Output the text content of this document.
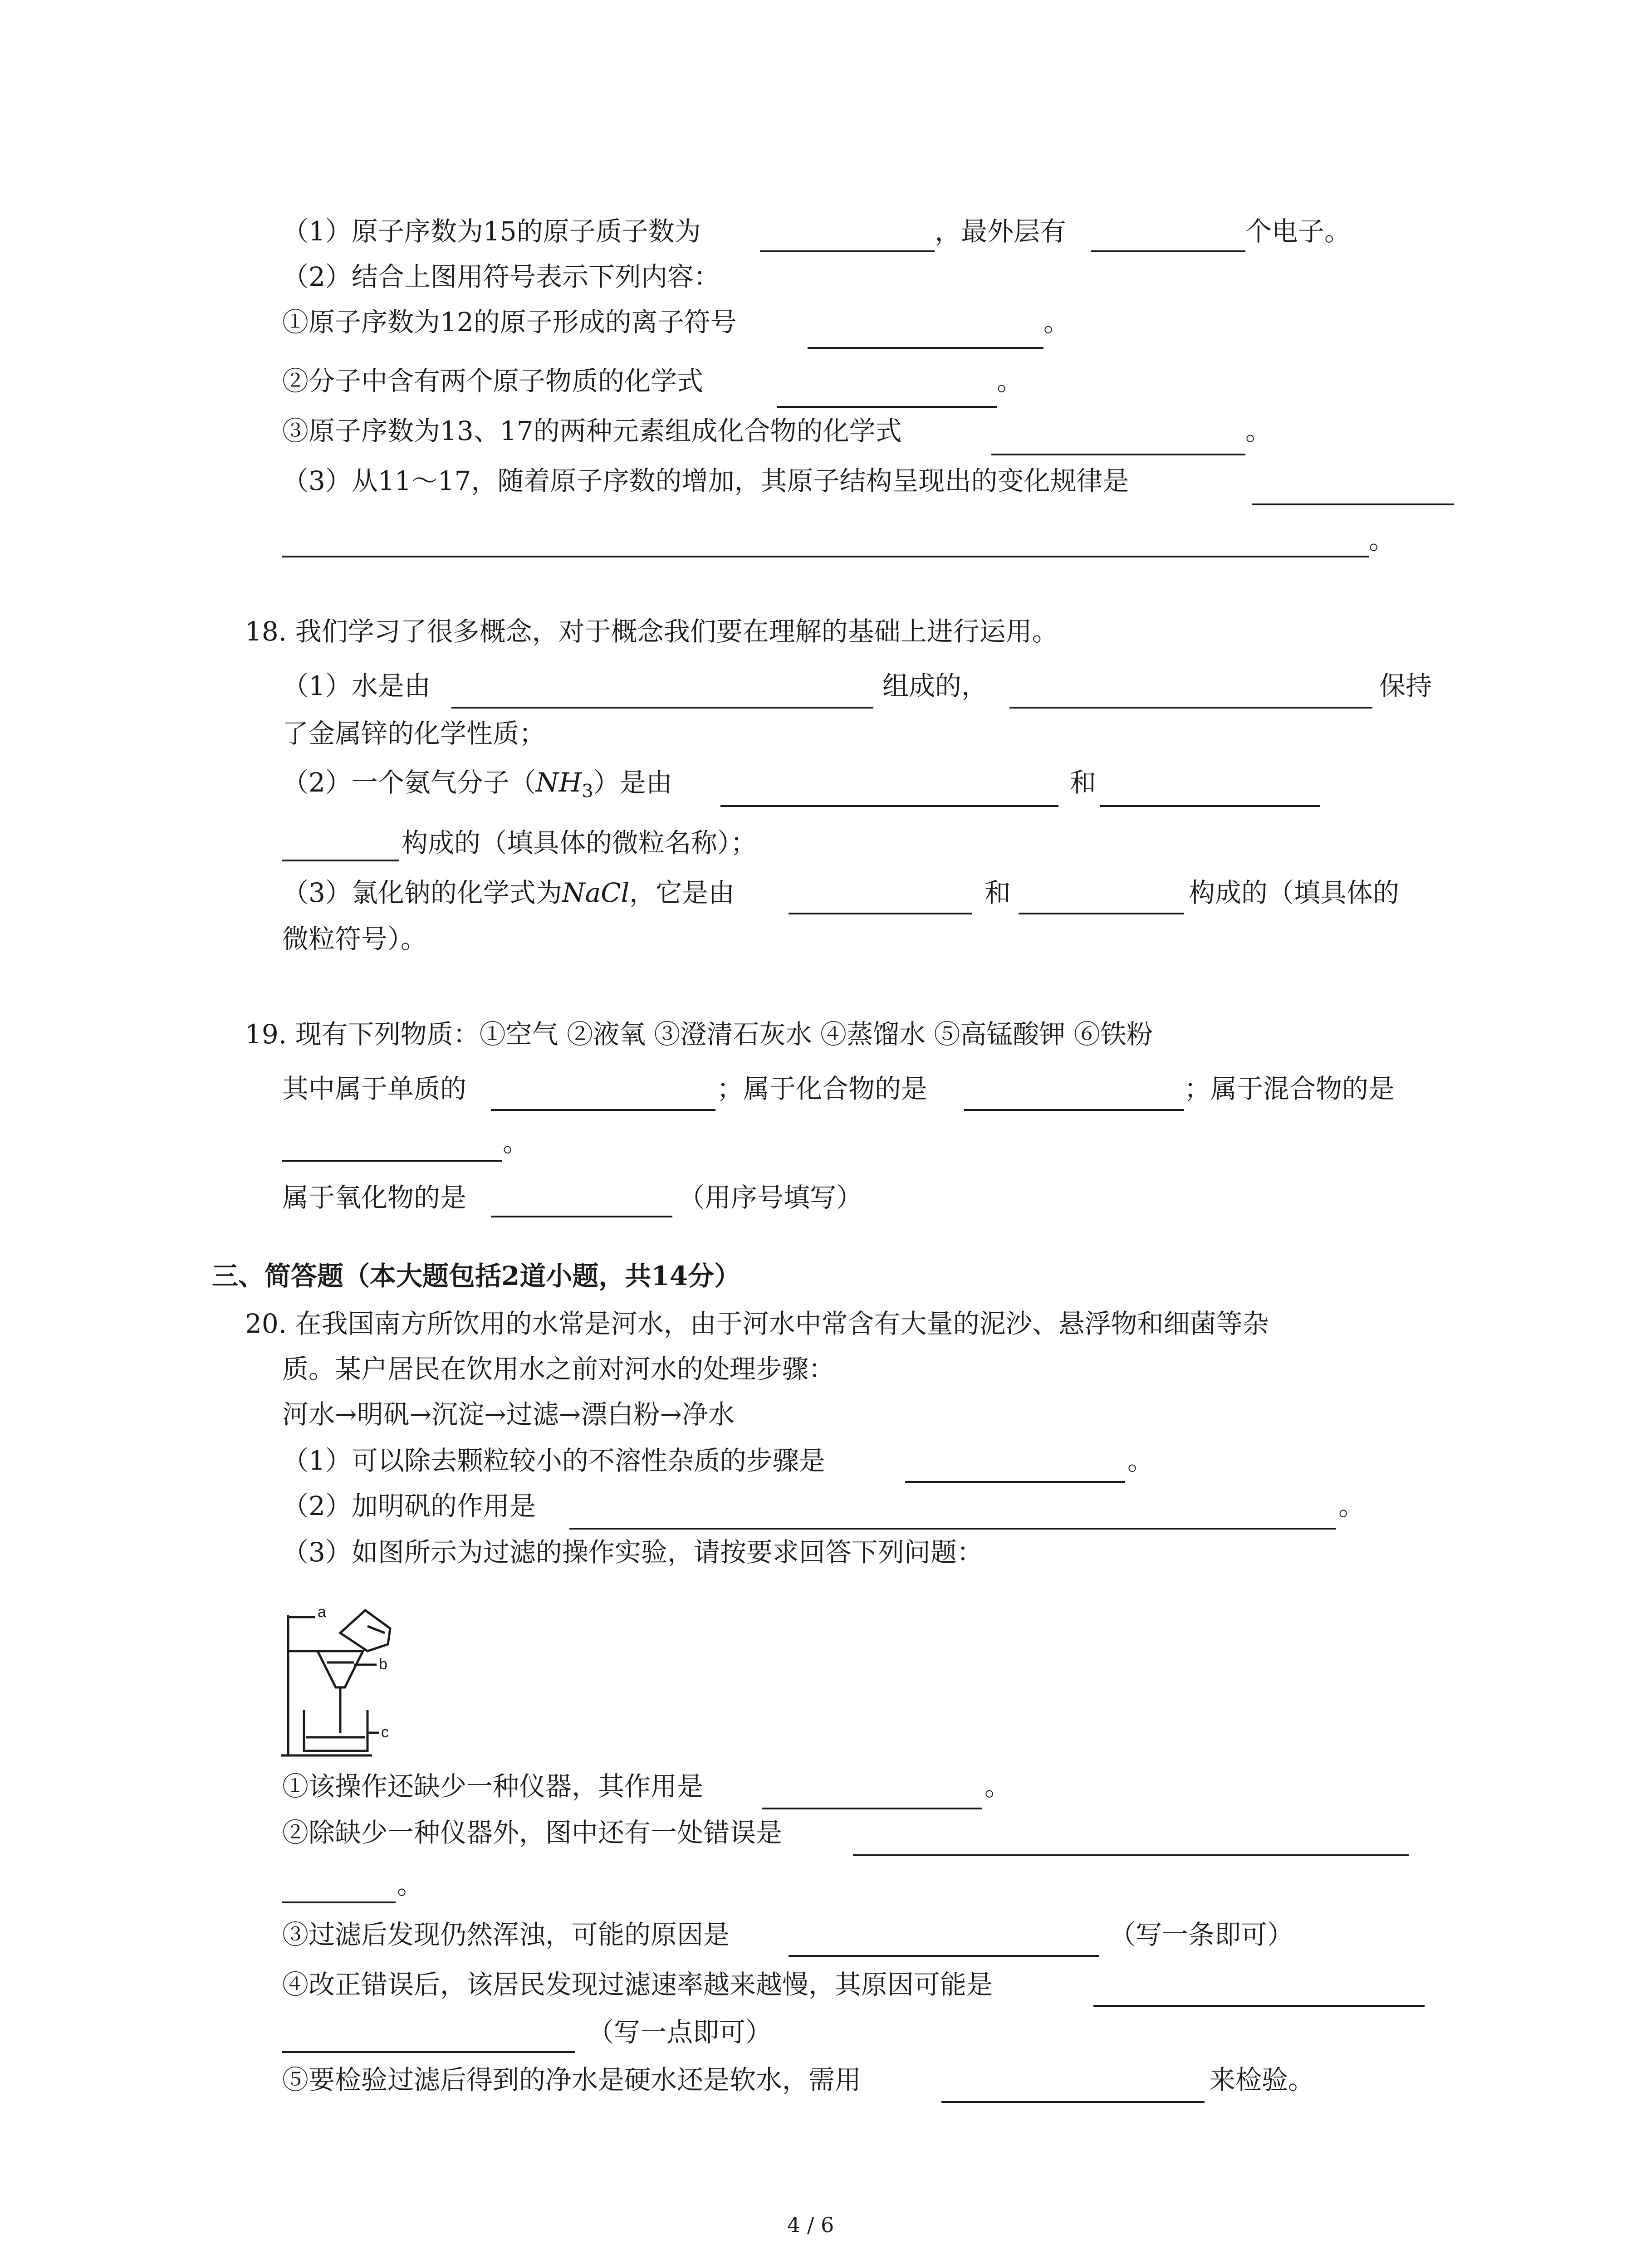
（1）原子序数为15的原子质子数为	，最外层有	个电子。
（2）结合上图用符号表示下列内容：
①原子序数为12的原子形成的离子符号	。
②分子中含有两个原子物质的化学式	。
③原子序数为13、17的两种元素组成化合物的化学式	。
（3）从11～17，随着原子序数的增加，其原子结构呈现出的变化规律是
。
18. 我们学习了很多概念，对于概念我们要在理解的基础上进行运用。
（1）水是由	组成的，	保持
了金属锌的化学性质；
（2）一个氨气分子$(NH_3)$是由	和
构成的（填具体的微粒名称）；
（3）氯化钠的化学式为NaCl，它是由	和	构成的（填具体的
微粒符号）。
19. 现有下列物质：①空气 ②液氧 ③澄清石灰水 ④蒸馏水 ⑤高锰酸钾 ⑥铁粉
其中属于单质的	；属于化合物的是	；属于混合物的是
。
属于氧化物的是	（用序号填写）
三、简答题（本大题包括2道小题，共14分）
20. 在我国南方所饮用的水常是河水，由于河水中常含有大量的泥沙、悬浮物和细菌等杂
质。某户居民在饮用水之前对河水的处理步骤：
河水→明矾→沉淀→过滤→漂白粉→净水
（1）可以除去颗粒较小的不溶性杂质的步骤是	。
（2）加明矾的作用是	。
（3）如图所示为过滤的操作实验，请按要求回答下列问题：
a
b
c
①该操作还缺少一种仪器，其作用是	。
②除缺少一种仪器外，图中还有一处错误是
。
③过滤后发现仍然浑浊，可能的原因是	（写一条即可）
④改正错误后，该居民发现过滤速率越来越慢，其原因可能是
（写一点即可）
⑤要检验过滤后得到的净水是硬水还是软水，需用	来检验。
4 / 6
